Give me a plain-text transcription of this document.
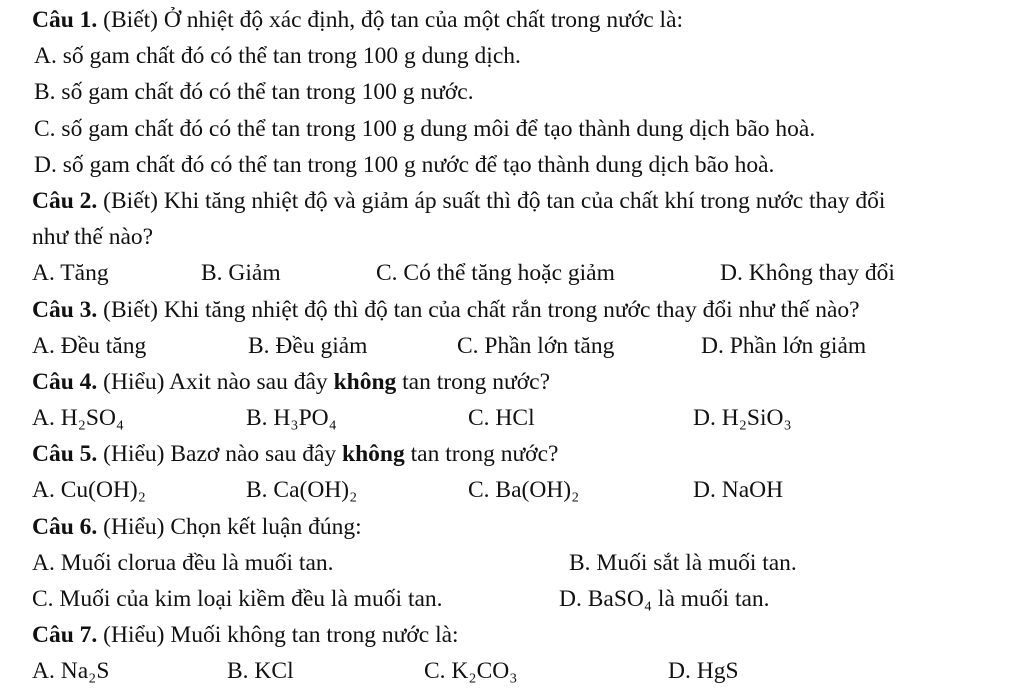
Câu 1. (Biết) Ở nhiệt độ xác định, độ tan của một chất trong nước là:
A. số gam chất đó có thể tan trong 100 g dung dịch.
B. số gam chất đó có thể tan trong 100 g nước.
C. số gam chất đó có thể tan trong 100 g dung môi để tạo thành dung dịch bão hoà.
D. số gam chất đó có thể tan trong 100 g nước để tạo thành dung dịch bão hoà.
Câu 2. (Biết) Khi tăng nhiệt độ và giảm áp suất thì độ tan của chất khí trong nước thay đổi
như thế nào?
A. Tăng	B. Giảm	C. Có thể tăng hoặc giảm	D. Không thay đổi
Câu 3. (Biết) Khi tăng nhiệt độ thì độ tan của chất rắn trong nước thay đổi như thế nào?
A. Đều tăng	B. Đều giảm	C. Phần lớn tăng	D. Phần lớn giảm
Câu 4. (Hiểu) Axit nào sau đây không tan trong nước?
A. H₂SO₄	B. H₃PO₄	C. HCl	D. H₂SiO₃
Câu 5. (Hiểu) Bazơ nào sau đây không tan trong nước?
A. Cu(OH)₂	B. Ca(OH)₂	C. Ba(OH)₂	D. NaOH
Câu 6. (Hiểu) Chọn kết luận đúng:
A. Muối clorua đều là muối tan.	B. Muối sắt là muối tan.
C. Muối của kim loại kiềm đều là muối tan.	D. BaSO₄ là muối tan.
Câu 7. (Hiểu) Muối không tan trong nước là:
A. Na₂S	B. KCl	C. K₂CO₃	D. HgS
